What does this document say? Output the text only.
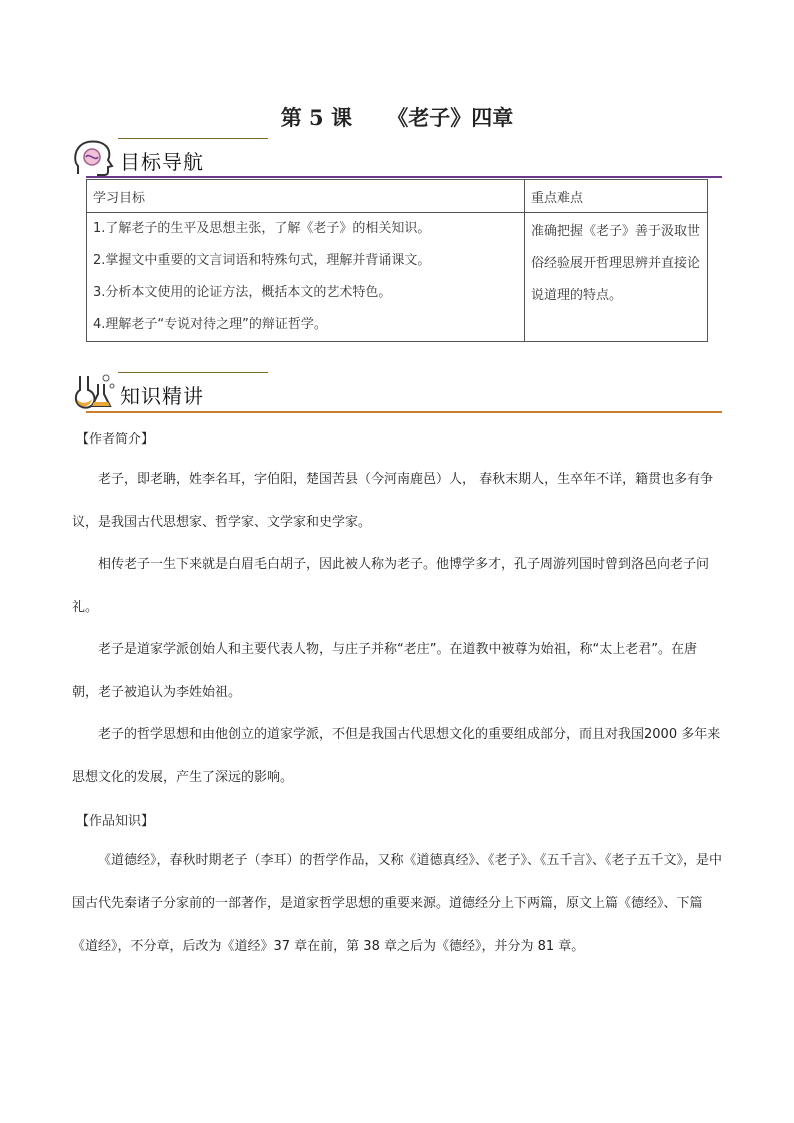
第 5 课 《老子》四章
目标导航
学习目标	重点难点

1.了解老子的生平及思想主张，了解《老子》的相关知识。
2.掌握文中重要的文言词语和特殊句式，理解并背诵课文。
3.分析本文使用的论证方法，概括本文的艺术特色。
4.理解老子“专说对待之理”的辩证哲学。	准确把握《老子》善于汲取世俗经验展开哲理思辨并直接论说道理的特点。
知识精讲
【作者简介】

老子，即老聃，姓李名耳，字伯阳，楚国苦县（今河南鹿邑）人， 春秋末期人，生卒年不详，籍贯也多有争议，是我国古代思想家、哲学家、文学家和史学家。

相传老子一生下来就是白眉毛白胡子，因此被人称为老子。他博学多才，孔子周游列国时曾到洛邑向老子问礼。

老子是道家学派创始人和主要代表人物，与庄子并称“老庄”。在道教中被尊为始祖，称“太上老君”。在唐朝，老子被追认为李姓始祖。

老子的哲学思想和由他创立的道家学派，不但是我国古代思想文化的重要组成部分，而且对我国2000 多年来思想文化的发展，产生了深远的影响。

【作品知识】

《道德经》，春秋时期老子（李耳）的哲学作品，又称《道德真经》、《老子》、《五千言》、《老子五千文》，是中国古代先秦诸子分家前的一部著作，是道家哲学思想的重要来源。道德经分上下两篇，原文上篇《德经》、下篇《道经》，不分章，后改为《道经》37 章在前，第 38 章之后为《德经》，并分为 81 章。
